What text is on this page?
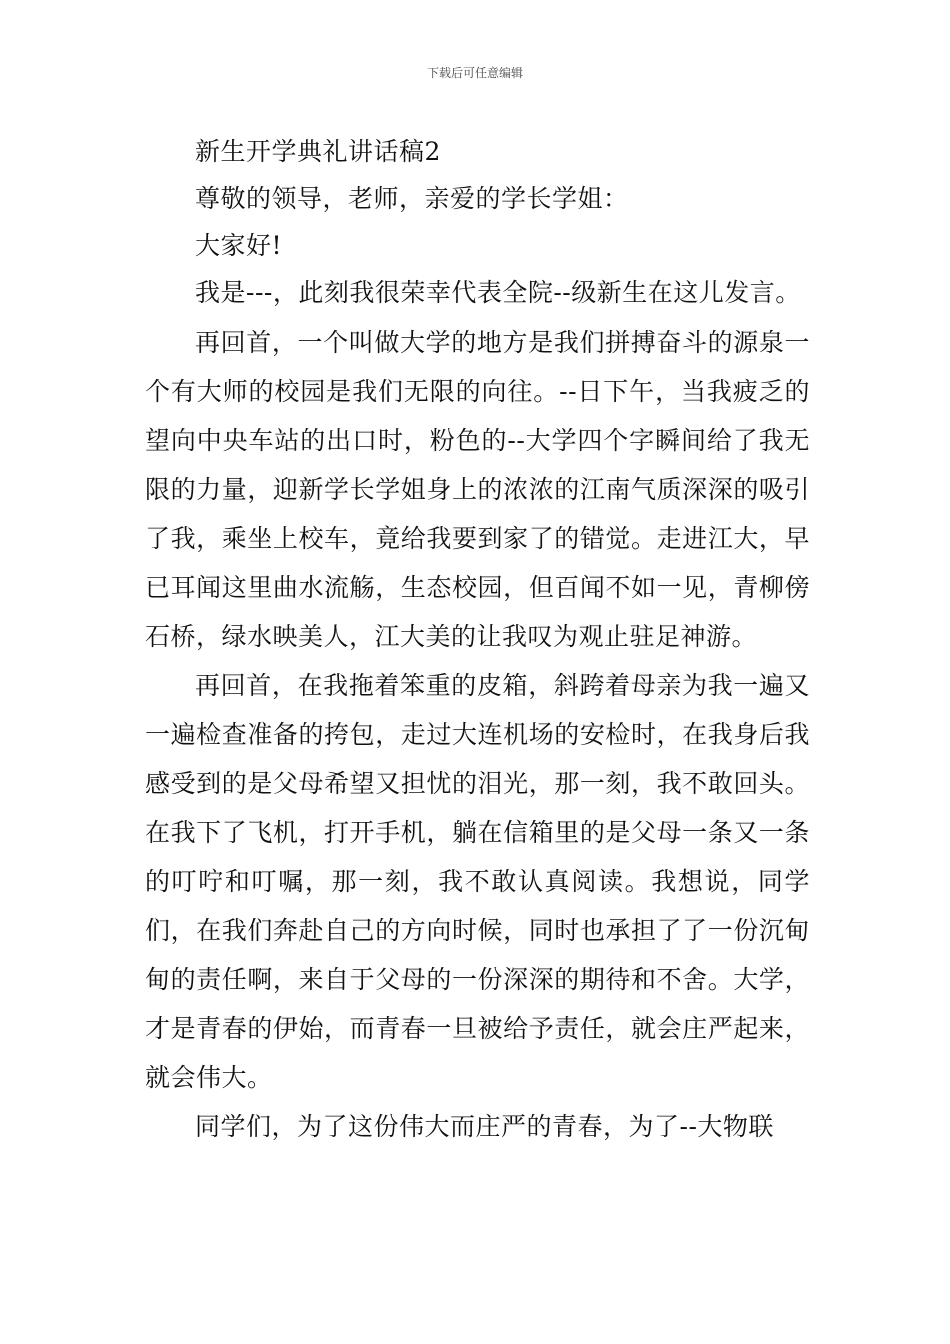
下载后可任意编辑

新生开学典礼讲话稿2

尊敬的领导，老师，亲爱的学长学姐：

大家好!

我是---，此刻我很荣幸代表全院--级新生在这儿发言。

再回首，一个叫做大学的地方是我们拼搏奋斗的源泉一个有大师的校园是我们无限的向往。--日下午，当我疲乏的望向中央车站的出口时，粉色的--大学四个字瞬间给了我无限的力量，迎新学长学姐身上的浓浓的江南气质深深的吸引了我，乘坐上校车，竟给我要到家了的错觉。走进江大，早已耳闻这里曲水流觞，生态校园，但百闻不如一见，青柳傍石桥，绿水映美人，江大美的让我叹为观止驻足神游。

再回首，在我拖着笨重的皮箱，斜跨着母亲为我一遍又一遍检查准备的挎包，走过大连机场的安检时，在我身后我感受到的是父母希望又担忧的泪光，那一刻，我不敢回头。在我下了飞机，打开手机，躺在信箱里的是父母一条又一条的叮咛和叮嘱，那一刻，我不敢认真阅读。我想说，同学们，在我们奔赴自己的方向时候，同时也承担了了一份沉甸甸的责任啊，来自于父母的一份深深的期待和不舍。大学，才是青春的伊始，而青春一旦被给予责任，就会庄严起来，就会伟大。

同学们，为了这份伟大而庄严的青春，为了--大物联
